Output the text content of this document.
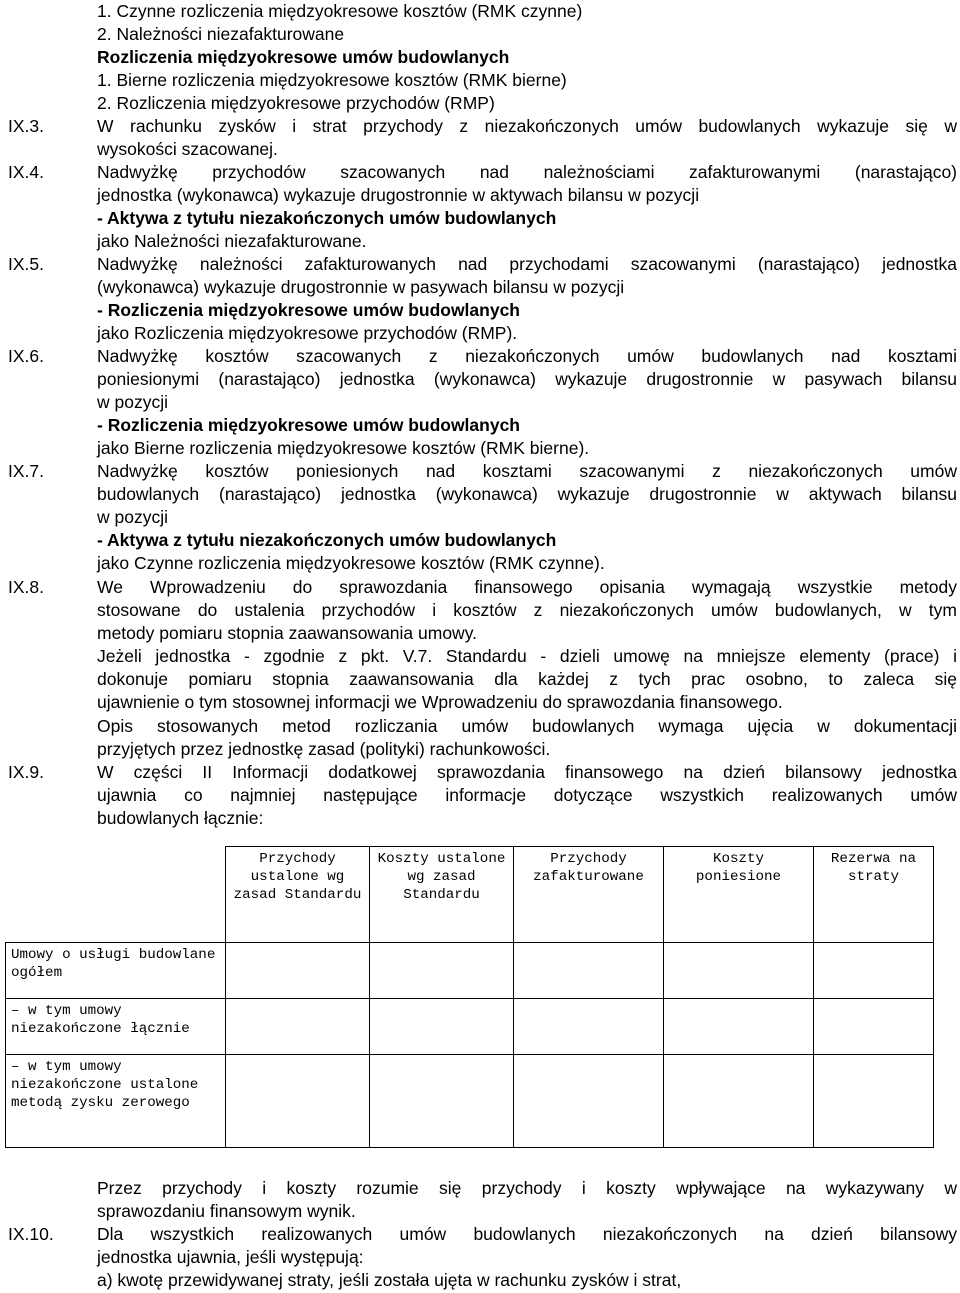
1. Czynne rozliczenia międzyokresowe kosztów (RMK czynne)
2. Należności niezafakturowane
Rozliczenia międzyokresowe umów budowlanych
1. Bierne rozliczenia międzyokresowe kosztów (RMK bierne)
2. Rozliczenia międzyokresowe przychodów (RMP)
IX.3.	W rachunku zysków i strat przychody z niezakończonych umów budowlanych wykazuje się w
wysokości szacowanej.
IX.4.	Nadwyżkę przychodów szacowanych nad należnościami zafakturowanymi (narastająco)
jednostka (wykonawca) wykazuje drugostronnie w aktywach bilansu w pozycji
- Aktywa z tytułu niezakończonych umów budowlanych
jako Należności niezafakturowane.
IX.5.	Nadwyżkę należności zafakturowanych nad przychodami szacowanymi (narastająco) jednostka
(wykonawca) wykazuje drugostronnie w pasywach bilansu w pozycji
- Rozliczenia międzyokresowe umów budowlanych
jako Rozliczenia międzyokresowe przychodów (RMP).
IX.6.	Nadwyżkę kosztów szacowanych z niezakończonych umów budowlanych nad kosztami
poniesionymi (narastająco) jednostka (wykonawca) wykazuje drugostronnie w pasywach bilansu
w pozycji
- Rozliczenia międzyokresowe umów budowlanych
jako Bierne rozliczenia międzyokresowe kosztów (RMK bierne).
IX.7.	Nadwyżkę kosztów poniesionych nad kosztami szacowanymi z niezakończonych umów
budowlanych (narastająco) jednostka (wykonawca) wykazuje drugostronnie w aktywach bilansu
w pozycji
- Aktywa z tytułu niezakończonych umów budowlanych
jako Czynne rozliczenia międzyokresowe kosztów (RMK czynne).
IX.8.	We Wprowadzeniu do sprawozdania finansowego opisania wymagają wszystkie metody
stosowane do ustalenia przychodów i kosztów z niezakończonych umów budowlanych, w tym
metody pomiaru stopnia zaawansowania umowy.
Jeżeli jednostka - zgodnie z pkt. V.7. Standardu - dzieli umowę na mniejsze elementy (prace) i
dokonuje pomiaru stopnia zaawansowania dla każdej z tych prac osobno, to zaleca się
ujawnienie o tym stosownej informacji we Wprowadzeniu do sprawozdania finansowego.
Opis stosowanych metod rozliczania umów budowlanych wymaga ujęcia w dokumentacji
przyjętych przez jednostkę zasad (polityki) rachunkowości.
IX.9.	W części II Informacji dodatkowej sprawozdania finansowego na dzień bilansowy jednostka
ujawnia co najmniej następujące informacje dotyczące wszystkich realizowanych umów
budowlanych łącznie:
	Przychody ustalone wg zasad Standardu	Koszty ustalone wg zasad Standardu	Przychody zafakturowane	Koszty poniesione	Rezerwa na straty
Umowy o usługi budowlane ogółem					
– w tym umowy niezakończone łącznie					
– w tym umowy niezakończone ustalone metodą zysku zerowego					
Przez przychody i koszty rozumie się przychody i koszty wpływające na wykazywany w
sprawozdaniu finansowym wynik.
IX.10. Dla wszystkich realizowanych umów budowlanych niezakończonych na dzień bilansowy
jednostka ujawnia, jeśli występują:
a) kwotę przewidywanej straty, jeśli została ujęta w rachunku zysków i strat,
